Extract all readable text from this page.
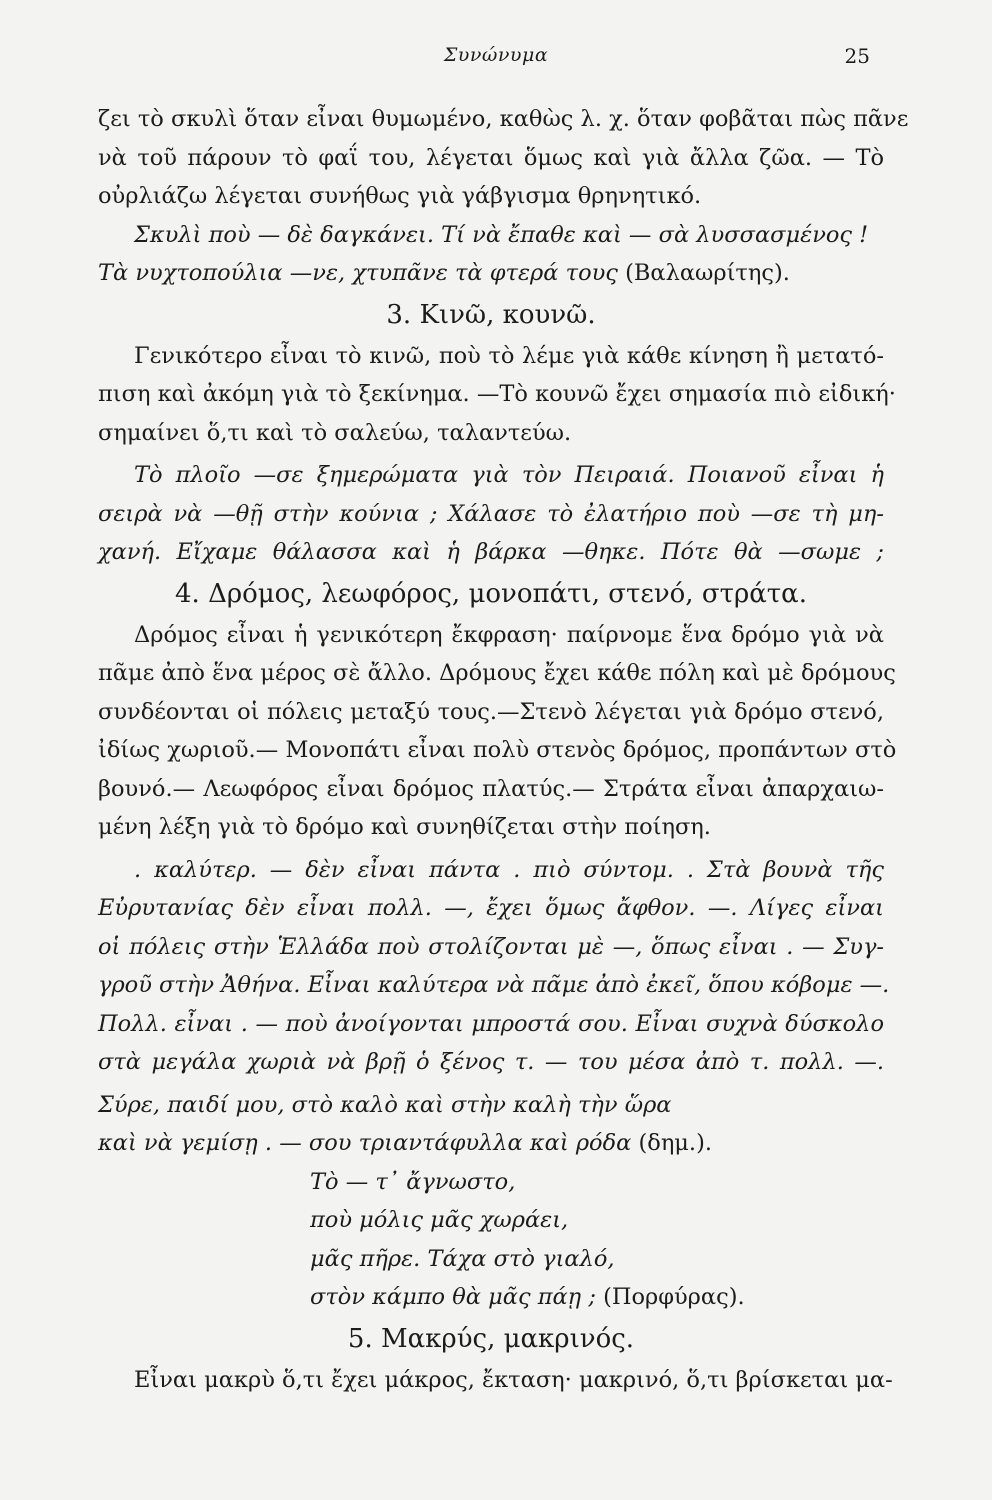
Συνώνυμα	25
ζει τὸ σκυλὶ ὅταν εἶναι θυμωμένο, καθὼς λ. χ. ὅταν φοβᾶται πὼς πᾶνε
νὰ τοῦ πάρουν τὸ φαΐ του, λέγεται ὅμως καὶ γιὰ ἄλλα ζῶα. — Τὸ
οὐρλιάζω λέγεται συνήθως γιὰ γάβγισμα θρηνητικό.
Σκυλὶ ποὺ — δὲ δαγκάνει. Τί νὰ ἔπαθε καὶ — σὰ λυσσασμένος !
Τὰ νυχτοπούλια —νε, χτυπᾶνε τὰ φτερά τους (Βαλαωρίτης).
3. Κινῶ, κουνῶ.
Γενικότερο εἶναι τὸ κινῶ, ποὺ τὸ λέμε γιὰ κάθε κίνηση ἢ μετατό-
πιση καὶ ἀκόμη γιὰ τὸ ξεκίνημα. —Τὸ κουνῶ ἔχει σημασία πιὸ εἰδική·
σημαίνει ὅ,τι καὶ τὸ σαλεύω, ταλαντεύω.
Τὸ πλοῖο —σε ξημερώματα γιὰ τὸν Πειραιά. Ποιανοῦ εἶναι ἡ
σειρὰ νὰ —θῇ στὴν κούνια ; Χάλασε τὸ ἐλατήριο ποὺ —σε τὴ μη-
χανή. Εἴχαμε θάλασσα καὶ ἡ βάρκα —θηκε. Πότε θὰ —σωμε ;
4. Δρόμος, λεωφόρος, μονοπάτι, στενό, στράτα.
Δρόμος εἶναι ἡ γενικότερη ἔκφραση· παίρνομε ἕνα δρόμο γιὰ νὰ
πᾶμε ἀπὸ ἕνα μέρος σὲ ἄλλο. Δρόμους ἔχει κάθε πόλη καὶ μὲ δρόμους
συνδέονται οἱ πόλεις μεταξύ τους.—Στενὸ λέγεται γιὰ δρόμο στενό,
ἰδίως χωριοῦ.— Μονοπάτι εἶναι πολὺ στενὸς δρόμος, προπάντων στὸ
βουνό.— Λεωφόρος εἶναι δρόμος πλατύς.— Στράτα εἶναι ἀπαρχαιω-
μένη λέξη γιὰ τὸ δρόμο καὶ συνηθίζεται στὴν ποίηση.
. καλύτερ. — δὲν εἶναι πάντα . πιὸ σύντομ. . Στὰ βουνὰ τῆς
Εὐρυτανίας δὲν εἶναι πολλ. —, ἔχει ὅμως ἄφθον. —. Λίγες εἶναι
οἱ πόλεις στὴν Ἑλλάδα ποὺ στολίζονται μὲ —, ὅπως εἶναι . — Συγ-
γροῦ στὴν Ἀθήνα. Εἶναι καλύτερα νὰ πᾶμε ἀπὸ ἐκεῖ, ὅπου κόβομε —.
Πολλ. εἶναι . — ποὺ ἀνοίγονται μπροστά σου. Εἶναι συχνὰ δύσκολο
στὰ μεγάλα χωριὰ νὰ βρῇ ὁ ξένος τ. — του μέσα ἀπὸ τ. πολλ. —.
Σύρε, παιδί μου, στὸ καλὸ καὶ στὴν καλὴ τὴν ὥρα
καὶ νὰ γεμίσῃ . — σου τριαντάφυλλα καὶ ρόδα (δημ.).
Τὸ — τ᾿ ἄγνωστο,
ποὺ μόλις μᾶς χωράει,
μᾶς πῆρε. Τάχα στὸ γιαλό,
στὸν κάμπο θὰ μᾶς πάῃ ; (Πορφύρας).
5. Μακρύς, μακρινός.
Εἶναι μακρὺ ὅ,τι ἔχει μάκρος, ἔκταση· μακρινό, ὅ,τι βρίσκεται μα-
